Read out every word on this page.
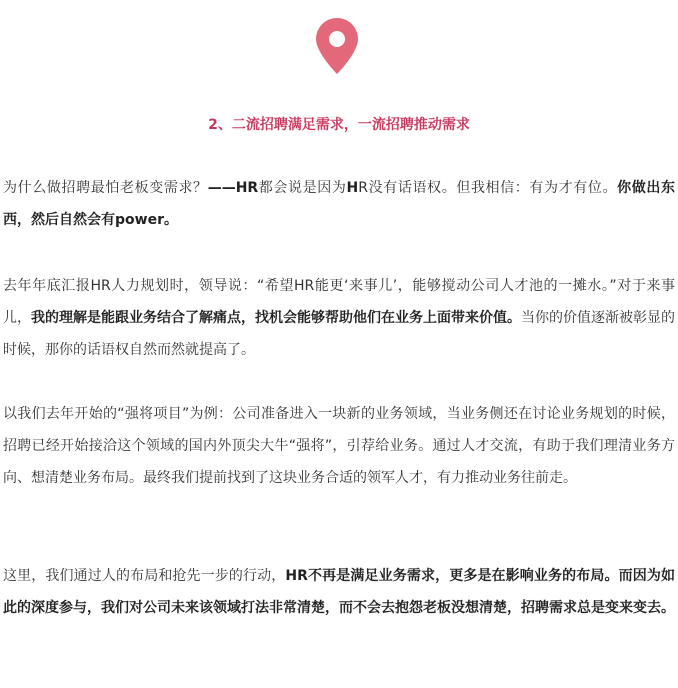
2、二流招聘满足需求，一流招聘推动需求

为什么做招聘最怕老板变需求？——HR都会说是因为HR没有话语权。但我相信：有为才有位。你做出东西，然后自然会有power。

去年年底汇报HR人力规划时，领导说：“希望HR能更‘来事儿’，能够搅动公司人才池的一摊水。”对于来事儿，我的理解是能跟业务结合了解痛点，找机会能够帮助他们在业务上面带来价值。当你的价值逐渐被彰显的时候，那你的话语权自然而然就提高了。

以我们去年开始的“强将项目”为例：公司准备进入一块新的业务领域，当业务侧还在讨论业务规划的时候，招聘已经开始接洽这个领域的国内外顶尖大牛“强将”，引荐给业务。通过人才交流，有助于我们理清业务方向、想清楚业务布局。最终我们提前找到了这块业务合适的领军人才，有力推动业务往前走。

这里，我们通过人的布局和抢先一步的行动，HR不再是满足业务需求，更多是在影响业务的布局。而因为如此的深度参与，我们对公司未来该领域打法非常清楚，而不会去抱怨老板没想清楚，招聘需求总是变来变去。
